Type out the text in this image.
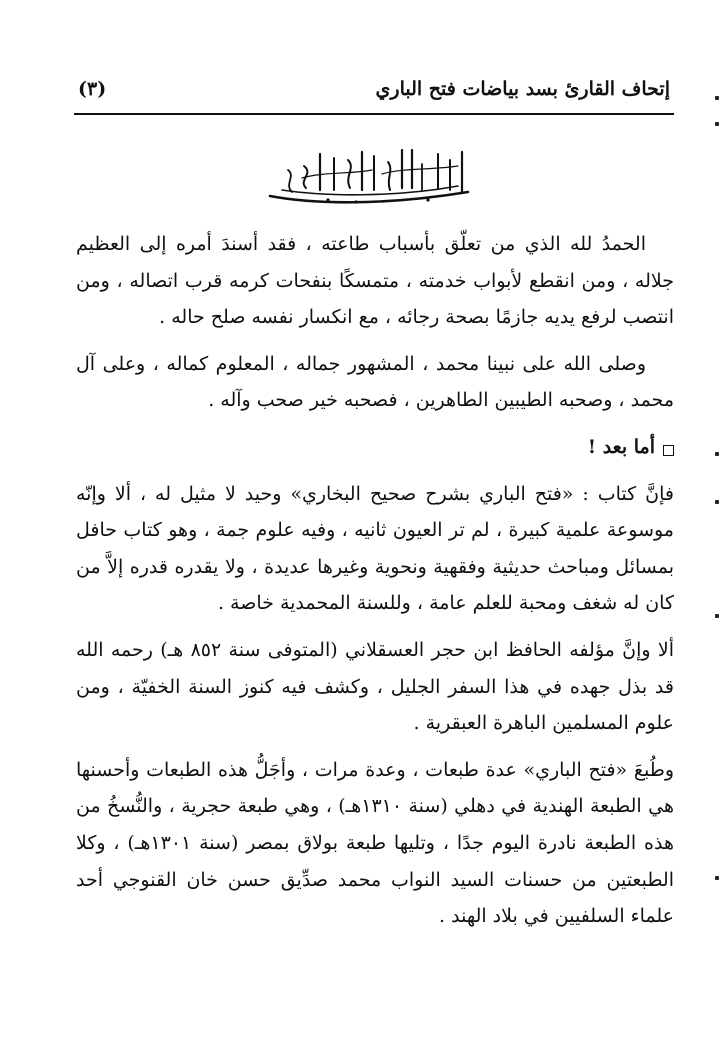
إتحاف القارئ بسد بياضات فتح الباري
(٣)

الحمدُ لله الذي من تعلّق بأسباب طاعته ، فقد أسندَ أمره إلى العظيم جلاله ، ومن انقطع لأبواب خدمته ، متمسكًا بنفحات كرمه قرب اتصاله ، ومن انتصب لرفع يديه جازمًا بصحة رجائه ، مع انكسار نفسه صلح حاله .

وصلى الله على نبينا محمد ، المشهور جماله ، المعلوم كماله ، وعلى آل محمد ، وصحبه الطيبين الطاهرين ، فصحبه خير صحب وآله .

أما بعد !

فإنَّ كتاب : «فتح الباري بشرح صحيح البخاري» وحيد لا مثيل له ، ألا وإنّه موسوعة علمية كبيرة ، لم تر العيون ثانيه ، وفيه علوم جمة ، وهو كتاب حافل بمسائل ومباحث حديثية وفقهية ونحوية وغيرها عديدة ، ولا يقدره قدره إلاَّ من كان له شغف ومحبة للعلم عامة ، وللسنة المحمدية خاصة .

ألا وإنَّ مؤلفه الحافظ ابن حجر العسقلاني (المتوفى سنة ٨٥٢ هـ) رحمه الله قد بذل جهده في هذا السفر الجليل ، وكشف فيه كنوز السنة الخفيّة ، ومن علوم المسلمين الباهرة العبقرية .

وطُبعَ «فتح الباري» عدة طبعات ، وعدة مرات ، وأجَلُّ هذه الطبعات وأحسنها هي الطبعة الهندية في دهلي (سنة ١٣١٠هـ) ، وهي طبعة حجرية ، والنُّسخُ من هذه الطبعة نادرة اليوم جدًا ، وتليها طبعة بولاق بمصر (سنة ١٣٠١هـ) ، وكلا الطبعتين من حسنات السيد النواب محمد صدِّيق حسن خان القنوجي أحد علماء السلفيين في بلاد الهند .
